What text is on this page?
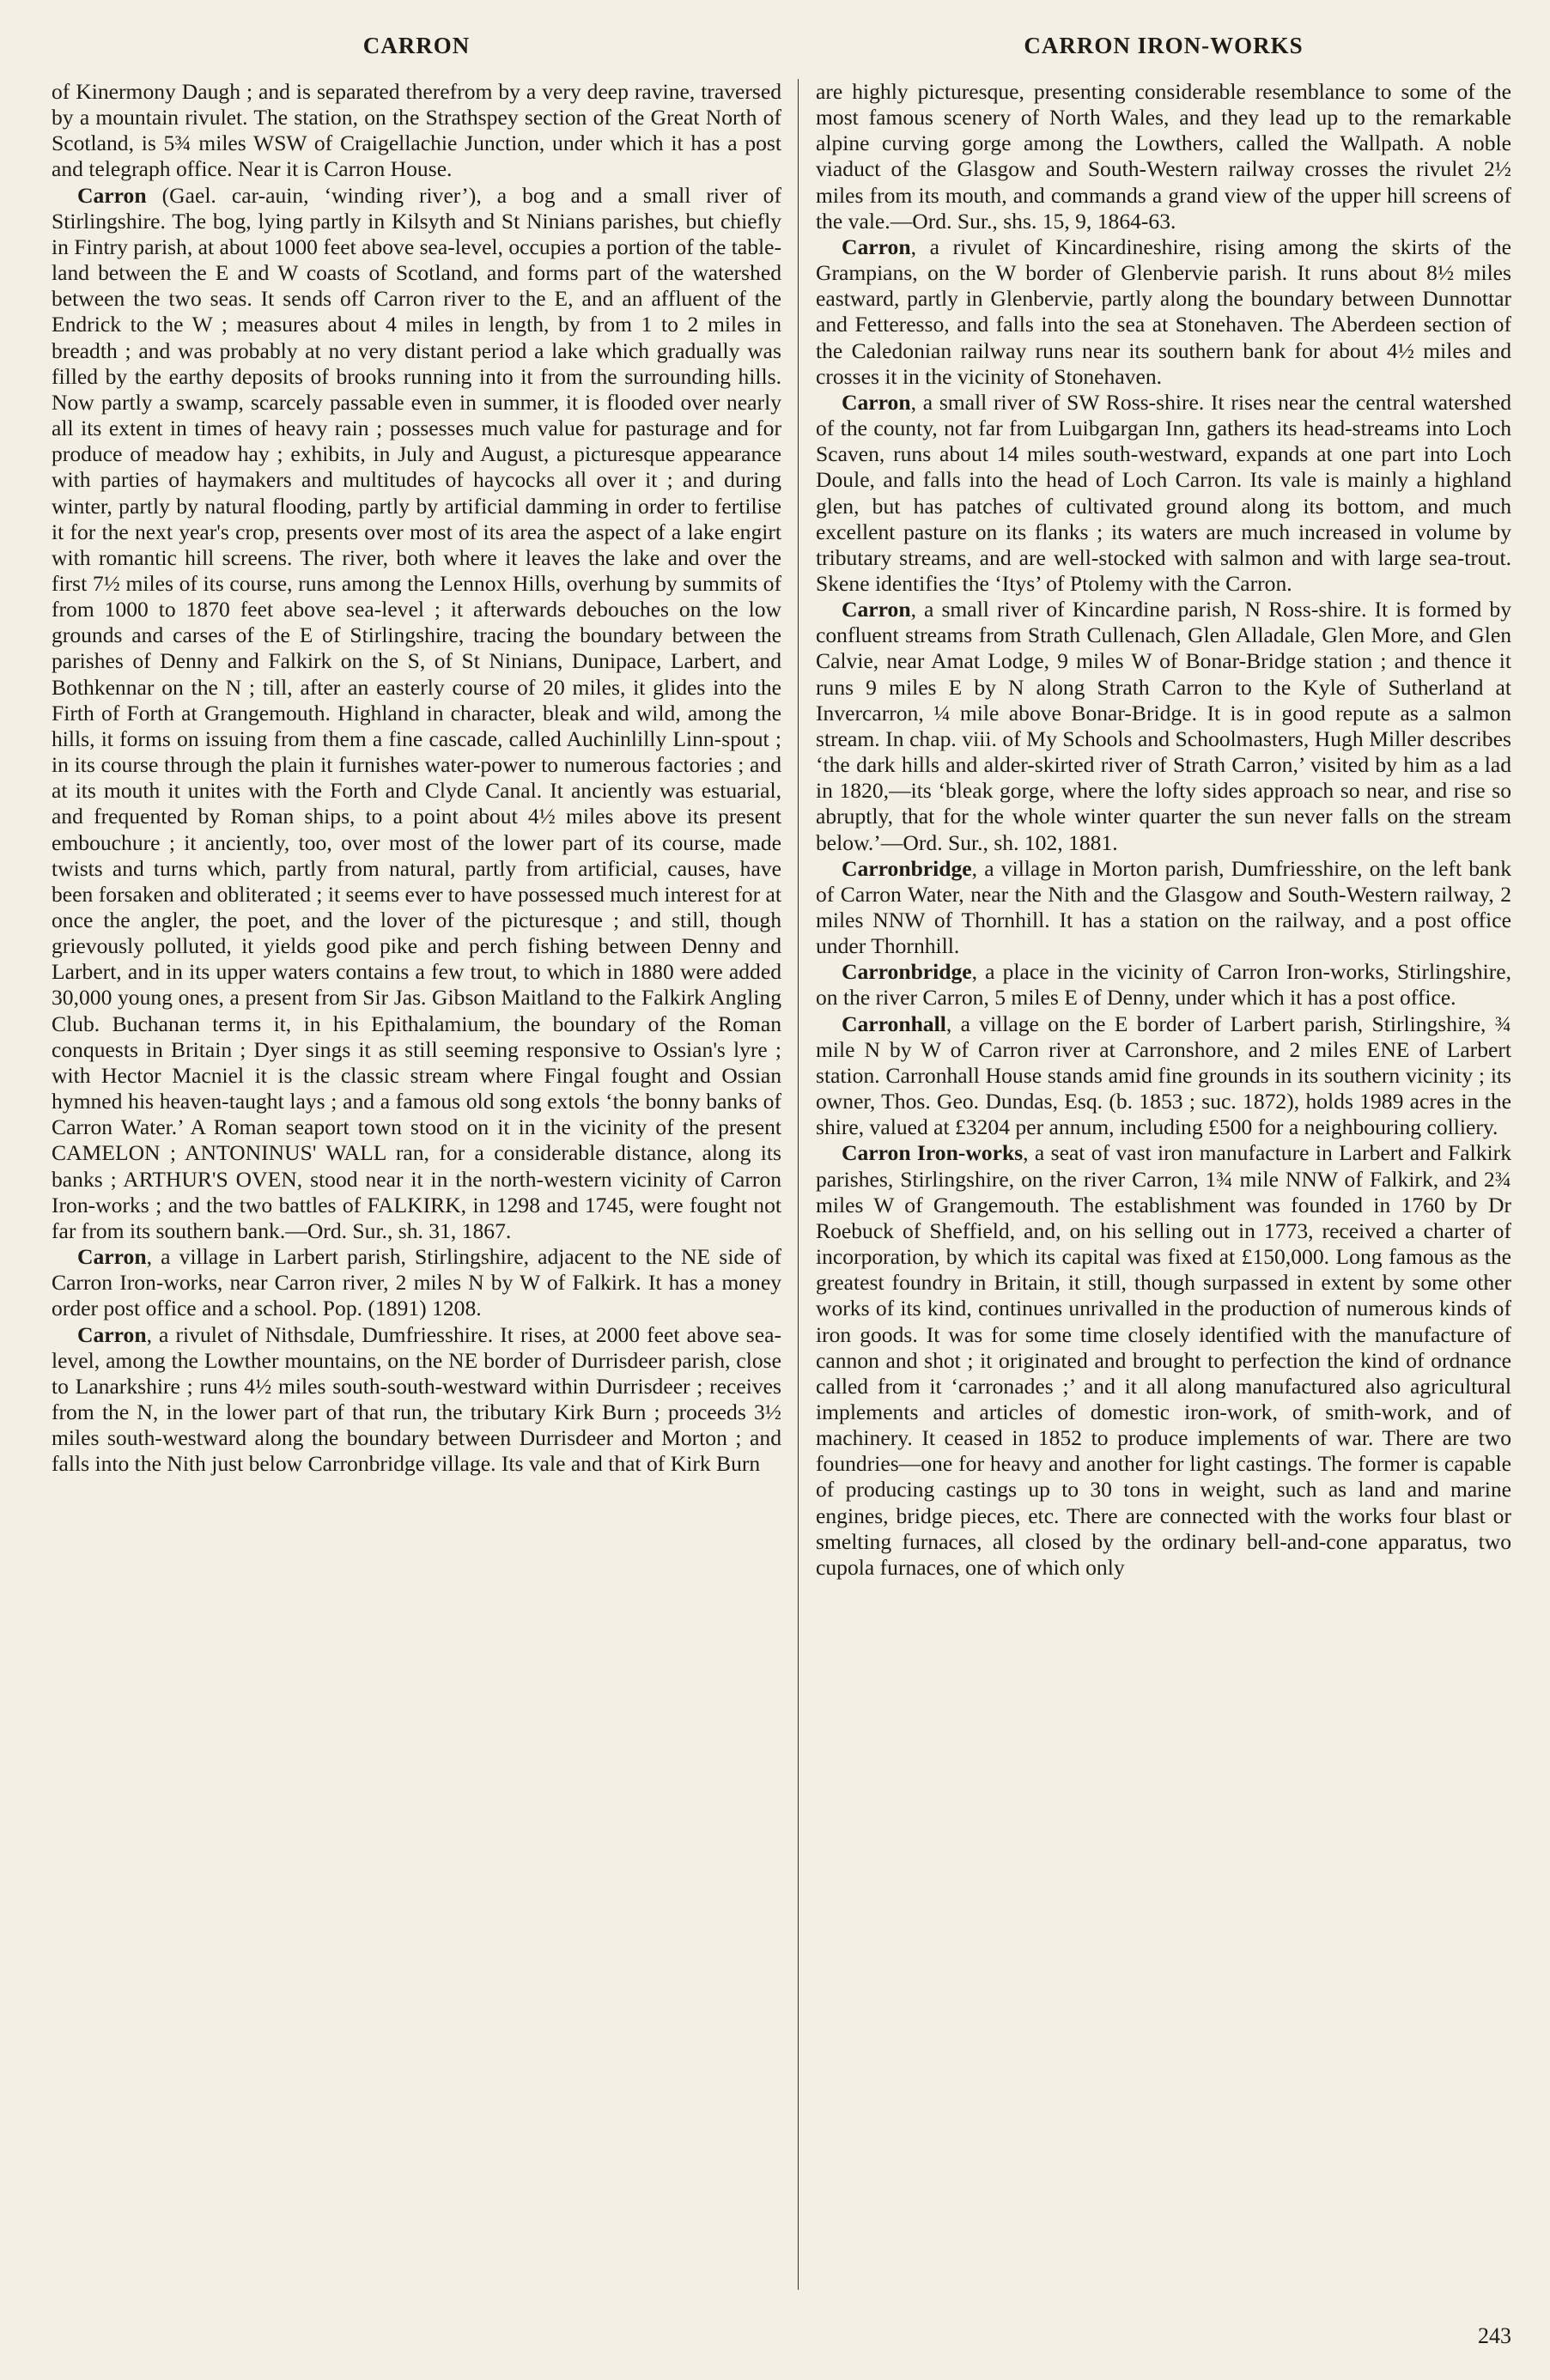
CARRON	CARRON IRON-WORKS

of Kinermony Daugh ; and is separated therefrom by a very deep ravine, traversed by a mountain rivulet. The station, on the Strathspey section of the Great North of Scotland, is 5¾ miles WSW of Craigellachie Junction, under which it has a post and telegraph office. Near it is Carron House.

Carron (Gael. car-auin, ‘winding river’), a bog and a small river of Stirlingshire. The bog, lying partly in Kilsyth and St Ninians parishes, but chiefly in Fintry parish, at about 1000 feet above sea-level, occupies a portion of the table-land between the E and W coasts of Scotland, and forms part of the watershed between the two seas. It sends off Carron river to the E, and an affluent of the Endrick to the W ; measures about 4 miles in length, by from 1 to 2 miles in breadth ; and was probably at no very distant period a lake which gradually was filled by the earthy deposits of brooks running into it from the surrounding hills. Now partly a swamp, scarcely passable even in summer, it is flooded over nearly all its extent in times of heavy rain ; possesses much value for pasturage and for produce of meadow hay ; exhibits, in July and August, a picturesque appearance with parties of haymakers and multitudes of haycocks all over it ; and during winter, partly by natural flooding, partly by artificial damming in order to fertilise it for the next year's crop, presents over most of its area the aspect of a lake engirt with romantic hill screens. The river, both where it leaves the lake and over the first 7½ miles of its course, runs among the Lennox Hills, overhung by summits of from 1000 to 1870 feet above sea-level ; it afterwards debouches on the low grounds and carses of the E of Stirlingshire, tracing the boundary between the parishes of Denny and Falkirk on the S, of St Ninians, Dunipace, Larbert, and Bothkennar on the N ; till, after an easterly course of 20 miles, it glides into the Firth of Forth at Grangemouth. Highland in character, bleak and wild, among the hills, it forms on issuing from them a fine cascade, called Auchinlilly Linn-spout ; in its course through the plain it furnishes water-power to numerous factories ; and at its mouth it unites with the Forth and Clyde Canal. It anciently was estuarial, and frequented by Roman ships, to a point about 4½ miles above its present embouchure ; it anciently, too, over most of the lower part of its course, made twists and turns which, partly from natural, partly from artificial, causes, have been forsaken and obliterated ; it seems ever to have possessed much interest for at once the angler, the poet, and the lover of the picturesque ; and still, though grievously polluted, it yields good pike and perch fishing between Denny and Larbert, and in its upper waters contains a few trout, to which in 1880 were added 30,000 young ones, a present from Sir Jas. Gibson Maitland to the Falkirk Angling Club. Buchanan terms it, in his Epithalamium, the boundary of the Roman conquests in Britain ; Dyer sings it as still seeming responsive to Ossian's lyre ; with Hector Macniel it is the classic stream where Fingal fought and Ossian hymned his heaven-taught lays ; and a famous old song extols ‘the bonny banks of Carron Water.’ A Roman seaport town stood on it in the vicinity of the present CAMELON ; ANTONINUS' WALL ran, for a considerable distance, along its banks ; ARTHUR'S OVEN, stood near it in the north-western vicinity of Carron Iron-works ; and the two battles of FALKIRK, in 1298 and 1745, were fought not far from its southern bank.—Ord. Sur., sh. 31, 1867.

Carron, a village in Larbert parish, Stirlingshire, adjacent to the NE side of Carron Iron-works, near Carron river, 2 miles N by W of Falkirk. It has a money order post office and a school. Pop. (1891) 1208.

Carron, a rivulet of Nithsdale, Dumfriesshire. It rises, at 2000 feet above sea-level, among the Lowther mountains, on the NE border of Durrisdeer parish, close to Lanarkshire ; runs 4½ miles south-south-westward within Durrisdeer ; receives from the N, in the lower part of that run, the tributary Kirk Burn ; proceeds 3½ miles south-westward along the boundary between Durrisdeer and Morton ; and falls into the Nith just below Carronbridge village. Its vale and that of Kirk Burn

are highly picturesque, presenting considerable resemblance to some of the most famous scenery of North Wales, and they lead up to the remarkable alpine curving gorge among the Lowthers, called the Wallpath. A noble viaduct of the Glasgow and South-Western railway crosses the rivulet 2½ miles from its mouth, and commands a grand view of the upper hill screens of the vale.—Ord. Sur., shs. 15, 9, 1864-63.

Carron, a rivulet of Kincardineshire, rising among the skirts of the Grampians, on the W border of Glenbervie parish. It runs about 8½ miles eastward, partly in Glenbervie, partly along the boundary between Dunnottar and Fetteresso, and falls into the sea at Stonehaven. The Aberdeen section of the Caledonian railway runs near its southern bank for about 4½ miles and crosses it in the vicinity of Stonehaven.

Carron, a small river of SW Ross-shire. It rises near the central watershed of the county, not far from Luibgargan Inn, gathers its head-streams into Loch Scaven, runs about 14 miles south-westward, expands at one part into Loch Doule, and falls into the head of Loch Carron. Its vale is mainly a highland glen, but has patches of cultivated ground along its bottom, and much excellent pasture on its flanks ; its waters are much increased in volume by tributary streams, and are well-stocked with salmon and with large sea-trout. Skene identifies the ‘Itys’ of Ptolemy with the Carron.

Carron, a small river of Kincardine parish, N Ross-shire. It is formed by confluent streams from Strath Cullenach, Glen Alladale, Glen More, and Glen Calvie, near Amat Lodge, 9 miles W of Bonar-Bridge station ; and thence it runs 9 miles E by N along Strath Carron to the Kyle of Sutherland at Invercarron, ¼ mile above Bonar-Bridge. It is in good repute as a salmon stream. In chap. viii. of My Schools and Schoolmasters, Hugh Miller describes ‘the dark hills and alder-skirted river of Strath Carron,’ visited by him as a lad in 1820,—its ‘bleak gorge, where the lofty sides approach so near, and rise so abruptly, that for the whole winter quarter the sun never falls on the stream below.’—Ord. Sur., sh. 102, 1881.

Carronbridge, a village in Morton parish, Dumfriesshire, on the left bank of Carron Water, near the Nith and the Glasgow and South-Western railway, 2 miles NNW of Thornhill. It has a station on the railway, and a post office under Thornhill.

Carronbridge, a place in the vicinity of Carron Iron-works, Stirlingshire, on the river Carron, 5 miles E of Denny, under which it has a post office.

Carronhall, a village on the E border of Larbert parish, Stirlingshire, ¾ mile N by W of Carron river at Carronshore, and 2 miles ENE of Larbert station. Carronhall House stands amid fine grounds in its southern vicinity ; its owner, Thos. Geo. Dundas, Esq. (b. 1853 ; suc. 1872), holds 1989 acres in the shire, valued at £3204 per annum, including £500 for a neighbouring colliery.

Carron Iron-works, a seat of vast iron manufacture in Larbert and Falkirk parishes, Stirlingshire, on the river Carron, 1¾ mile NNW of Falkirk, and 2¾ miles W of Grangemouth. The establishment was founded in 1760 by Dr Roebuck of Sheffield, and, on his selling out in 1773, received a charter of incorporation, by which its capital was fixed at £150,000. Long famous as the greatest foundry in Britain, it still, though surpassed in extent by some other works of its kind, continues unrivalled in the production of numerous kinds of iron goods. It was for some time closely identified with the manufacture of cannon and shot ; it originated and brought to perfection the kind of ordnance called from it ‘carronades ;’ and it all along manufactured also agricultural implements and articles of domestic iron-work, of smith-work, and of machinery. It ceased in 1852 to produce implements of war. There are two foundries—one for heavy and another for light castings. The former is capable of producing castings up to 30 tons in weight, such as land and marine engines, bridge pieces, etc. There are connected with the works four blast or smelting furnaces, all closed by the ordinary bell-and-cone apparatus, two cupola furnaces, one of which only

243
